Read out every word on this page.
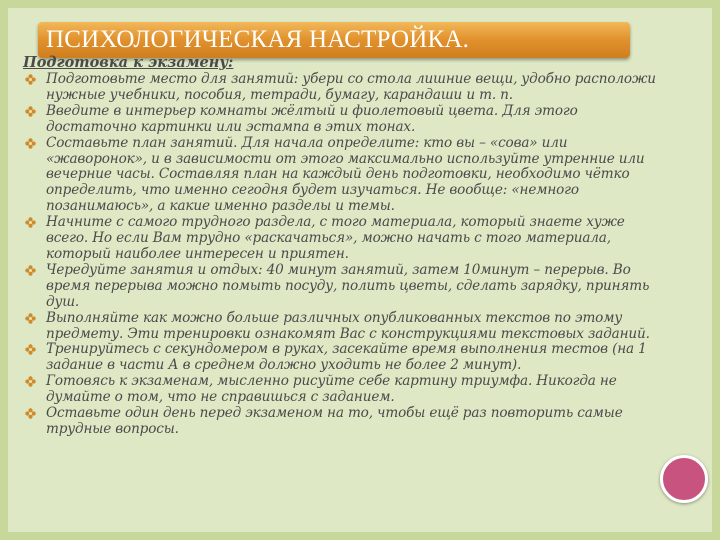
ПСИХОЛОГИЧЕСКАЯ НАСТРОЙКА.
Подготовка к экзамену:
Подготовьте место для занятий: убери со стола лишние вещи, удобно расположи нужные учебники, пособия, тетради, бумагу, карандаши и т. п.
Введите в интерьер комнаты жёлтый и фиолетовый цвета. Для этого достаточно картинки или эстампа в этих тонах.
Составьте план занятий. Для начала определите: кто вы – «сова» или «жаворонок», и в зависимости от этого максимально используйте утренние или вечерние часы. Составляя план на каждый день подготовки, необходимо чётко определить, что именно сегодня будет изучаться. Не вообще: «немного позанимаюсь», а какие именно разделы и темы.
Начните с самого трудного раздела, с того материала, который знаете хуже всего. Но если Вам трудно «раскачаться», можно начать с того материала, который наиболее интересен и приятен.
Чередуйте занятия и отдых: 40 минут занятий, затем 10минут – перерыв. Во время перерыва можно помыть посуду, полить цветы, сделать зарядку, принять душ.
Выполняйте как можно больше различных опубликованных текстов по этому предмету. Эти тренировки ознакомят Вас с конструкциями текстовых заданий.
Тренируйтесь с секундомером в руках, засекайте время выполнения тестов (на 1 задание в части А в среднем должно уходить не более 2 минут).
Готовясь к экзаменам, мысленно рисуйте себе картину триумфа. Никогда не думайте о том, что не справишься с заданием.
Оставьте один день перед экзаменом на то, чтобы ещё раз повторить самые трудные вопросы.
